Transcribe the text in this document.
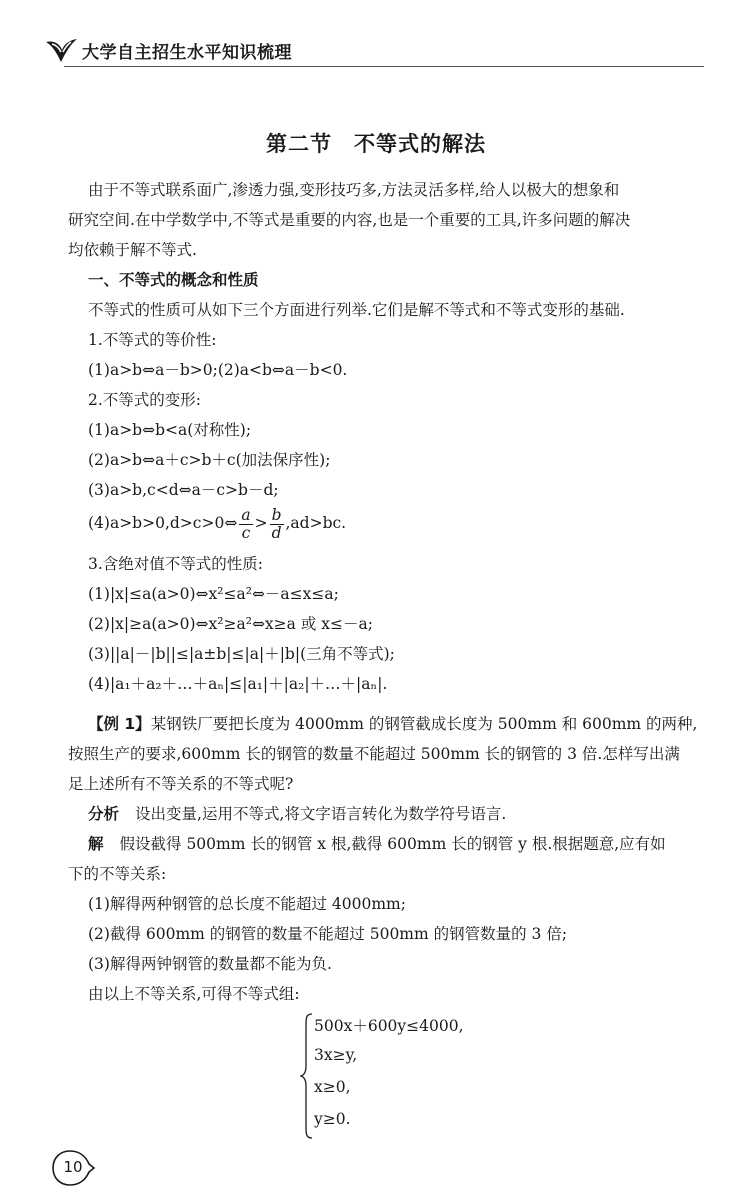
大学自主招生水平知识梳理
第二节　不等式的解法
由于不等式联系面广,渗透力强,变形技巧多,方法灵活多样,给人以极大的想象和
研究空间.在中学数学中,不等式是重要的内容,也是一个重要的工具,许多问题的解决
均依赖于解不等式.
一、不等式的概念和性质
不等式的性质可从如下三个方面进行列举.它们是解不等式和不等式变形的基础.
1.不等式的等价性:
(1)a>b⇔a－b>0;(2)a<b⇔a－b<0.
2.不等式的变形:
(1)a>b⇔b<a(对称性);
(2)a>b⇔a＋c>b＋c(加法保序性);
(3)a>b,c<d⇔a－c>b－d;
(4)a>b>0,d>c>0⇔ $\frac{a}{c} > \frac{b}{d} ,ad>bc$.
3.含绝对值不等式的性质:
(1)|x|≤a(a>0)⇔x²≤a²⇔－a≤x≤a;
(2)|x|≥a(a>0)⇔x²≥a²⇔x≥a 或 x≤－a;
(3)||a|－|b||≤|a±b|≤|a|＋|b|(三角不等式);
(4)|a₁＋a₂＋…＋aₙ|≤|a₁|＋|a₂|＋…＋|aₙ|.
【例 1】某钢铁厂要把长度为 4000mm 的钢管截成长度为 500mm 和 600mm 的两种,
按照生产的要求,600mm 长的钢管的数量不能超过 500mm 长的钢管的 3 倍.怎样写出满
足上述所有不等关系的不等式呢?
分析 设出变量,运用不等式,将文字语言转化为数学符号语言.
解 假设截得 500mm 长的钢管 x 根,截得 600mm 长的钢管 y 根.根据题意,应有如
下的不等关系:
(1)解得两种钢管的总长度不能超过 4000mm;
(2)截得 600mm 的钢管的数量不能超过 500mm 的钢管数量的 3 倍;
(3)解得两钟钢管的数量都不能为负.
由以上不等关系,可得不等式组:
500x＋600y≤4000,
3x≥y,
x≥0,
y≥0.
10
